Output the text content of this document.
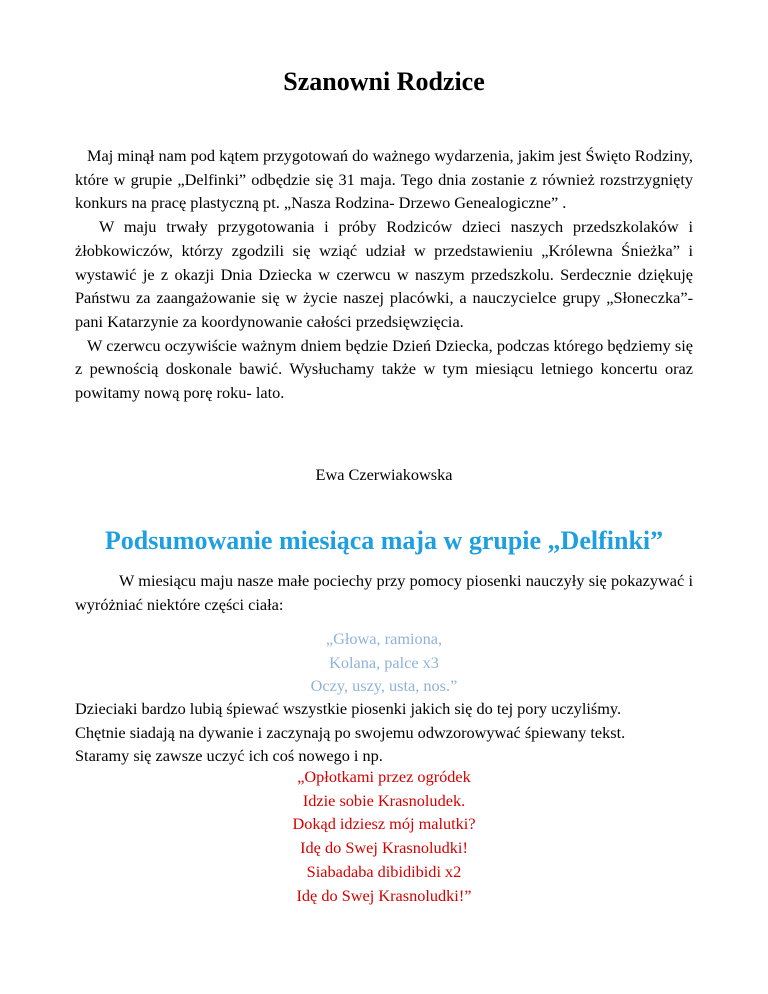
Szanowni Rodzice

Maj minął nam pod kątem przygotowań do ważnego wydarzenia, jakim jest Święto Rodziny, które w grupie „Delfinki” odbędzie się 31 maja. Tego dnia zostanie z również rozstrzygnięty konkurs na pracę plastyczną pt. „Nasza Rodzina- Drzewo Genealogiczne” .

W maju trwały przygotowania i próby Rodziców dzieci naszych przedszkolaków i żłobkowiczów, którzy zgodzili się wziąć udział w przedstawieniu „Królewna Śnieżka” i wystawić je z okazji Dnia Dziecka w czerwcu w naszym przedszkolu. Serdecznie dziękuję Państwu za zaangażowanie się w życie naszej placówki, a nauczycielce grupy „Słoneczka”- pani Katarzynie za koordynowanie całości przedsięwzięcia.

W czerwcu oczywiście ważnym dniem będzie Dzień Dziecka, podczas którego będziemy się z pewnością doskonale bawić. Wysłuchamy także w tym miesiącu letniego koncertu oraz powitamy nową porę roku- lato.

Ewa Czerwiakowska
Podsumowanie miesiąca maja w grupie „Delfinki”

W miesiącu maju nasze małe pociechy przy pomocy piosenki nauczyły się pokazywać i wyróżniać niektóre części ciała:

„Głowa, ramiona,
Kolana, palce x3
Oczy, uszy, usta, nos.”
Dzieciaki bardzo lubią śpiewać wszystkie piosenki jakich się do tej pory uczyliśmy.
Chętnie siadają na dywanie i zaczynają po swojemu odwzorowywać śpiewany tekst.
Staramy się zawsze uczyć ich coś nowego i np.
„Opłotkami przez ogródek
Idzie sobie Krasnoludek.
Dokąd idziesz mój malutki?
Idę do Swej Krasnoludki!
Siabadaba dibidibidi x2
Idę do Swej Krasnoludki!”
